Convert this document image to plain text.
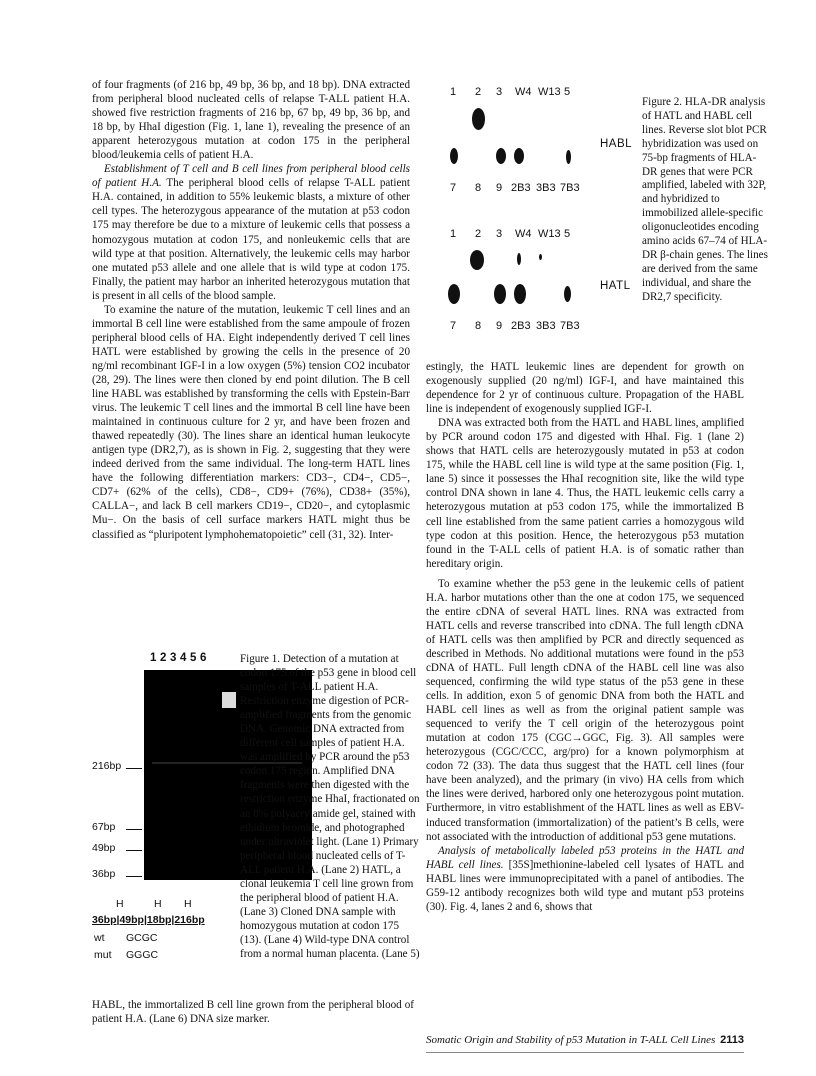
of four fragments (of 216 bp, 49 bp, 36 bp, and 18 bp). DNA extracted from peripheral blood nucleated cells of relapse T-ALL patient H.A. showed five restriction fragments of 216 bp, 67 bp, 49 bp, 36 bp, and 18 bp, by HhaI digestion (Fig. 1, lane 1), revealing the presence of an apparent heterozygous mutation at codon 175 in the peripheral blood/leukemia cells of patient H.A.

Establishment of T cell and B cell lines from peripheral blood cells of patient H.A. The peripheral blood cells of relapse T-ALL patient H.A. contained, in addition to 55% leukemic blasts, a mixture of other cell types. The heterozygous appearance of the mutation at p53 codon 175 may therefore be due to a mixture of leukemic cells that possess a homozygous mutation at codon 175, and nonleukemic cells that are wild type at that position. Alternatively, the leukemic cells may harbor one mutated p53 allele and one allele that is wild type at codon 175. Finally, the patient may harbor an inherited heterozygous mutation that is present in all cells of the blood sample.

To examine the nature of the mutation, leukemic T cell lines and an immortal B cell line were established from the same ampoule of frozen peripheral blood cells of HA. Eight independently derived T cell lines HATL were established by growing the cells in the presence of 20 ng/ml recombinant IGF-I in a low oxygen (5%) tension CO2 incubator (28, 29). The lines were then cloned by end point dilution. The B cell line HABL was established by transforming the cells with Epstein-Barr virus. The leukemic T cell lines and the immortal B cell line have been maintained in continuous culture for 2 yr, and have been frozen and thawed repeatedly (30). The lines share an identical human leukocyte antigen type (DR2,7), as is shown in Fig. 2, suggesting that they were indeed derived from the same individual. The long-term HATL lines have the following differentiation markers: CD3−, CD4−, CD5−, CD7+ (62% of the cells), CD8−, CD9+ (76%), CD38+ (35%), CALLA−, and lack B cell markers CD19−, CD20−, and cytoplasmic Mu−. On the basis of cell surface markers HATL might thus be classified as “pluripotent lymphohematopoietic” cell (31, 32). Inter-

1 2 3 W4 W13 5
HABL
7 8 9 2B3 3B3 7B3
1 2 3 W4 W13 5
HATL
7 8 9 2B3 3B3 7B3
Figure 2. HLA-DR analysis of HATL and HABL cell lines. Reverse slot blot PCR hybridization was used on 75-bp fragments of HLA-DR genes that were PCR amplified, labeled with 32P, and hybridized to immobilized allele-specific oligonucleotides encoding amino acids 67–74 of HLA-DR β-chain genes. The lines are derived from the same individual, and share the DR2,7 specificity.

estingly, the HATL leukemic lines are dependent for growth on exogenously supplied (20 ng/ml) IGF-I, and have maintained this dependence for 2 yr of continuous culture. Propagation of the HABL line is independent of exogenously supplied IGF-I.

DNA was extracted both from the HATL and HABL lines, amplified by PCR around codon 175 and digested with HhaI. Fig. 1 (lane 2) shows that HATL cells are heterozygously mutated in p53 at codon 175, while the HABL cell line is wild type at the same position (Fig. 1, lane 5) since it possesses the HhaI recognition site, like the wild type control DNA shown in lane 4. Thus, the HATL leukemic cells carry a heterozygous mutation at p53 codon 175, while the immortalized B cell line established from the same patient carries a homozygous wild type codon at this position. Hence, the heterozygous p53 mutation found in the T-ALL cells of patient H.A. is of somatic rather than hereditary origin.

To examine whether the p53 gene in the leukemic cells of patient H.A. harbor mutations other than the one at codon 175, we sequenced the entire cDNA of several HATL lines. RNA was extracted from HATL cells and reverse transcribed into cDNA. The full length cDNA of HATL cells was then amplified by PCR and directly sequenced as described in Methods. No additional mutations were found in the p53 cDNA of HATL. Full length cDNA of the HABL cell line was also sequenced, confirming the wild type status of the p53 gene in these cells. In addition, exon 5 of genomic DNA from both the HATL and HABL cell lines as well as from the original patient sample was sequenced to verify the T cell origin of the heterozygous point mutation at codon 175 (CGC→GGC, Fig. 3). All samples were heterozygous (CGC/CCC, arg/pro) for a known polymorphism at codon 72 (33). The data thus suggest that the HATL cell lines (four have been analyzed), and the primary (in vivo) HA cells from which the lines were derived, harbored only one heterozygous point mutation. Furthermore, in vitro establishment of the HATL lines as well as EBV-induced transformation (immortalization) of the patient’s B cells, were not associated with the introduction of additional p53 gene mutations.

Analysis of metabolically labeled p53 proteins in the HATL and HABL cell lines. [35S]methionine-labeled cell lysates of HATL and HABL lines were immunoprecipitated with a panel of antibodies. The G59-12 antibody recognizes both wild type and mutant p53 proteins (30). Fig. 4, lanes 2 and 6, shows that

123456
216bp
67bp
49bp
36bp
H	H H
36bp|49bp|18bp|216bp
wt GCGC
mut GGGC
Figure 1. Detection of a mutation at codon 175 of the p53 gene in blood cell samples of T-ALL patient H.A. Restriction enzyme digestion of PCR-amplified fragments from the genomic DNA. Genomic DNA extracted from different cell samples of patient H.A. was amplified by PCR around the p53 codon 175 region. Amplified DNA fragments were then digested with the restriction enzyme HhaI, fractionated on an 8% polyacrylamide gel, stained with ethidium bromide, and photographed under ultraviolet light. (Lane 1) Primary peripheral blood nucleated cells of T-ALL patient H.A. (Lane 2) HATL, a clonal leukemia T cell line grown from the peripheral blood of patient H.A. (Lane 3) Cloned DNA sample with homozygous mutation at codon 175 (13). (Lane 4) Wild-type DNA control from a normal human placenta. (Lane 5)
HABL, the immortalized B cell line grown from the peripheral blood of patient H.A. (Lane 6) DNA size marker.
Somatic Origin and Stability of p53 Mutation in T-ALL Cell Lines 2113
